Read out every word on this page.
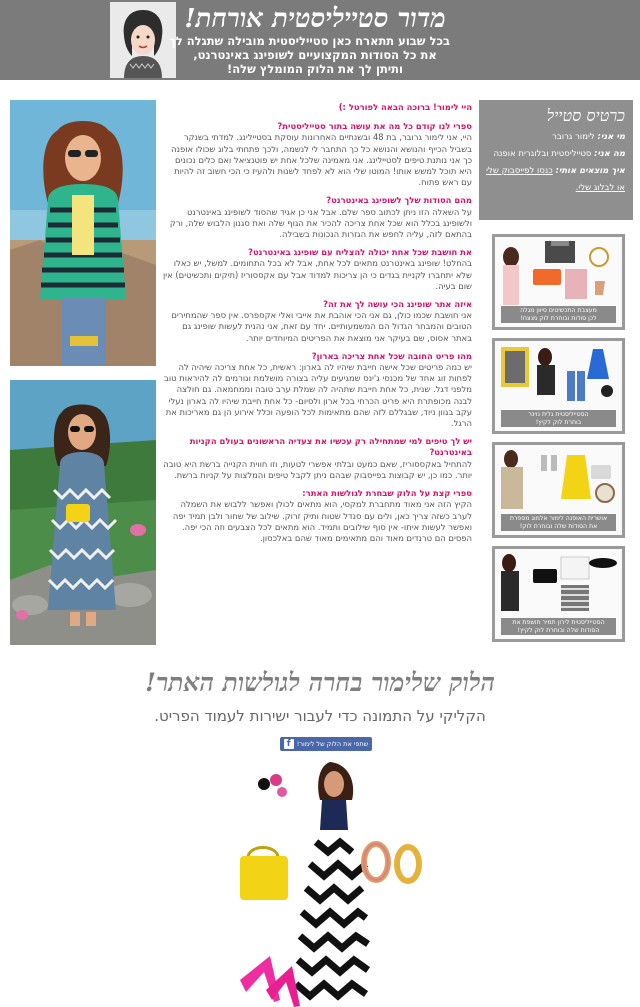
מדור סטייליסטית אורחת!
בכל שבוע תתארח כאן סטייליסטית מובילה שתגלה לך
את כל הסודות המקצועיים לשופינג באינטרנט,
ותיתן לך את הלוק המומלץ שלה!
היי לימור! ברוכה הבאה לפורטל :)
ספרי לנו קודם כל מה את עושה בתור סטייליסטית?
היי, אני לימור גרובר, בת 48 ובשנתיים האחרונות עוסקת בסטיילינג. למדתי בשנקר בשביל הכייף והנושא והנושא כל כך התחבר לי לנשמה, ולכך פתחתי בלוג שכולו אופנה כך אני נותנת טיפים לסטיילינג. אני מאמינה שלכל אחת יש פוטנציאל ואם כלים נכונים היא תוכל למשש אותו! המוטו שלי הוא לא לפחד לשנות ולהעיז כי הכי חשוב זה להיות עם ראש פתוח.
מהם הסודות שלך לשופינג באינטרנט?
על השאלה הזו ניתן לכתוב ספר שלם. אבל אני כן אגיד שהסוד לשופינג באינטרנט ולשופינג בכלל הוא שכל אחת צריכה להכיר את הגוף שלה ואת סגנון הלבוש שלה, ורק בהתאם לזה, עליה לחפש את הגזרות הנכונות בשבילה.
את חושבת שכל אחת יכולה להצליח עם שופינג באינטרנט?
בהחלט! שופינג באינטרנט מתאים לכל אחת, אבל לא בכל התחומים. למשל, יש כאלו שלא יתחברו לקניית בגדים כי הן צריכות למדוד אבל עם אקססוריז (תיקים ותכשיטים) אין שום בעיה.
איזה אתר שופינג הכי עושה לך את זה?
אני חושבת שכמו כולן, גם אני הכי אוהבת את אייבי ואלי אקספרס. אין ספר שהמחירים הטובים והמבחר הגדול הם המשמעותיים. יחד עם זאת, אני נהנית לעשות שופינג גם באתר אסוס, שם בעיקר אני מוצאת את הפריטים המיוחדים יותר.
מהו פריט החובה שכל אחת צריכה בארון?
יש כמה פריטים שכל אישה חייבת שיהיו לה בארון: ראשית, כל אחת צריכה שיהיה לה לפחות זוג אחד של מכנסי ג'ינס שמגיעים עליה בצורה מושלמת וגורמים לה להיראות טוב מלפני דגל. שנית, כל אחת חייבת שתהיה לה שמלת ערב טובה וממחמאה. גם חולצה לבנה מכופתרת היא פריט הכרחי בכל ארון ולסיום- כל אחת חייבת שיהיו לה בארון נעלי עקב בגוון ניוד, שבגללם לזה שהם מתאימות לכל הופעה וכלל אירוע הן גם מאריכות את הרגל.
יש לך טיפים למי שמתחילה רק עכשיו את צעדיה הראשונים בעולם הקניות באינטרנט?
להתחיל באקססוריז, שאם כמעט ובלתי אפשרי לטעות, וזו חווית הקנייה ברשת היא טובה יותר. כמו כן, יש קבוצות בפייסבוק שבהם ניתן לקבל טיפים והמלצות על קניות ברשת.
ספרי קצת על הלוק שבחרת לגולשות האתר:
הקיץ הזה אני מאוד מתחברת למקסי, הוא מתאים לכולן ואפשר ללבוש את השמלה לערב כשזה צריך כאן, ולים עם סנדל שטוח ותיק זרוק. שילוב של שחור ולבן תמיד יפה ואפשר לעשות איתו- אין סוף שילובים ותמיד. הוא מתאים לכל הצבעים וזה הכי יפה. הפסים הם טרנדים מאוד והם מתאימים מאוד שהם באלכסון.
כרטיס סטייל
מי אני: לימור גרובר
מה אני: סטייליסטית ובלוגרית אופנה
איך מוצאים אותי: כנסו לפייסבוק שלי
או לבלוג שלי.
מעצבת התכשיטים סיוון מגלה
לכן סודות ובוחרת לוק מנצח!
הסטייליסטית גלית נוינר
בוחרת לוק לקיץ!
אושרית האופנה לימור אלמוג מספרת
את הסודות שלה ובוחרת לוק!
הסטייליסטית לירון תמיר חושפת את
הסודות שלה ובוחרת לוק לקיץ!
הלוק שלימור בחרה לגולשות האתר!
הקליקי על התמונה כדי לעבור ישירות לעמוד הפריט.
שתפי את הלוק של לימור!
f
